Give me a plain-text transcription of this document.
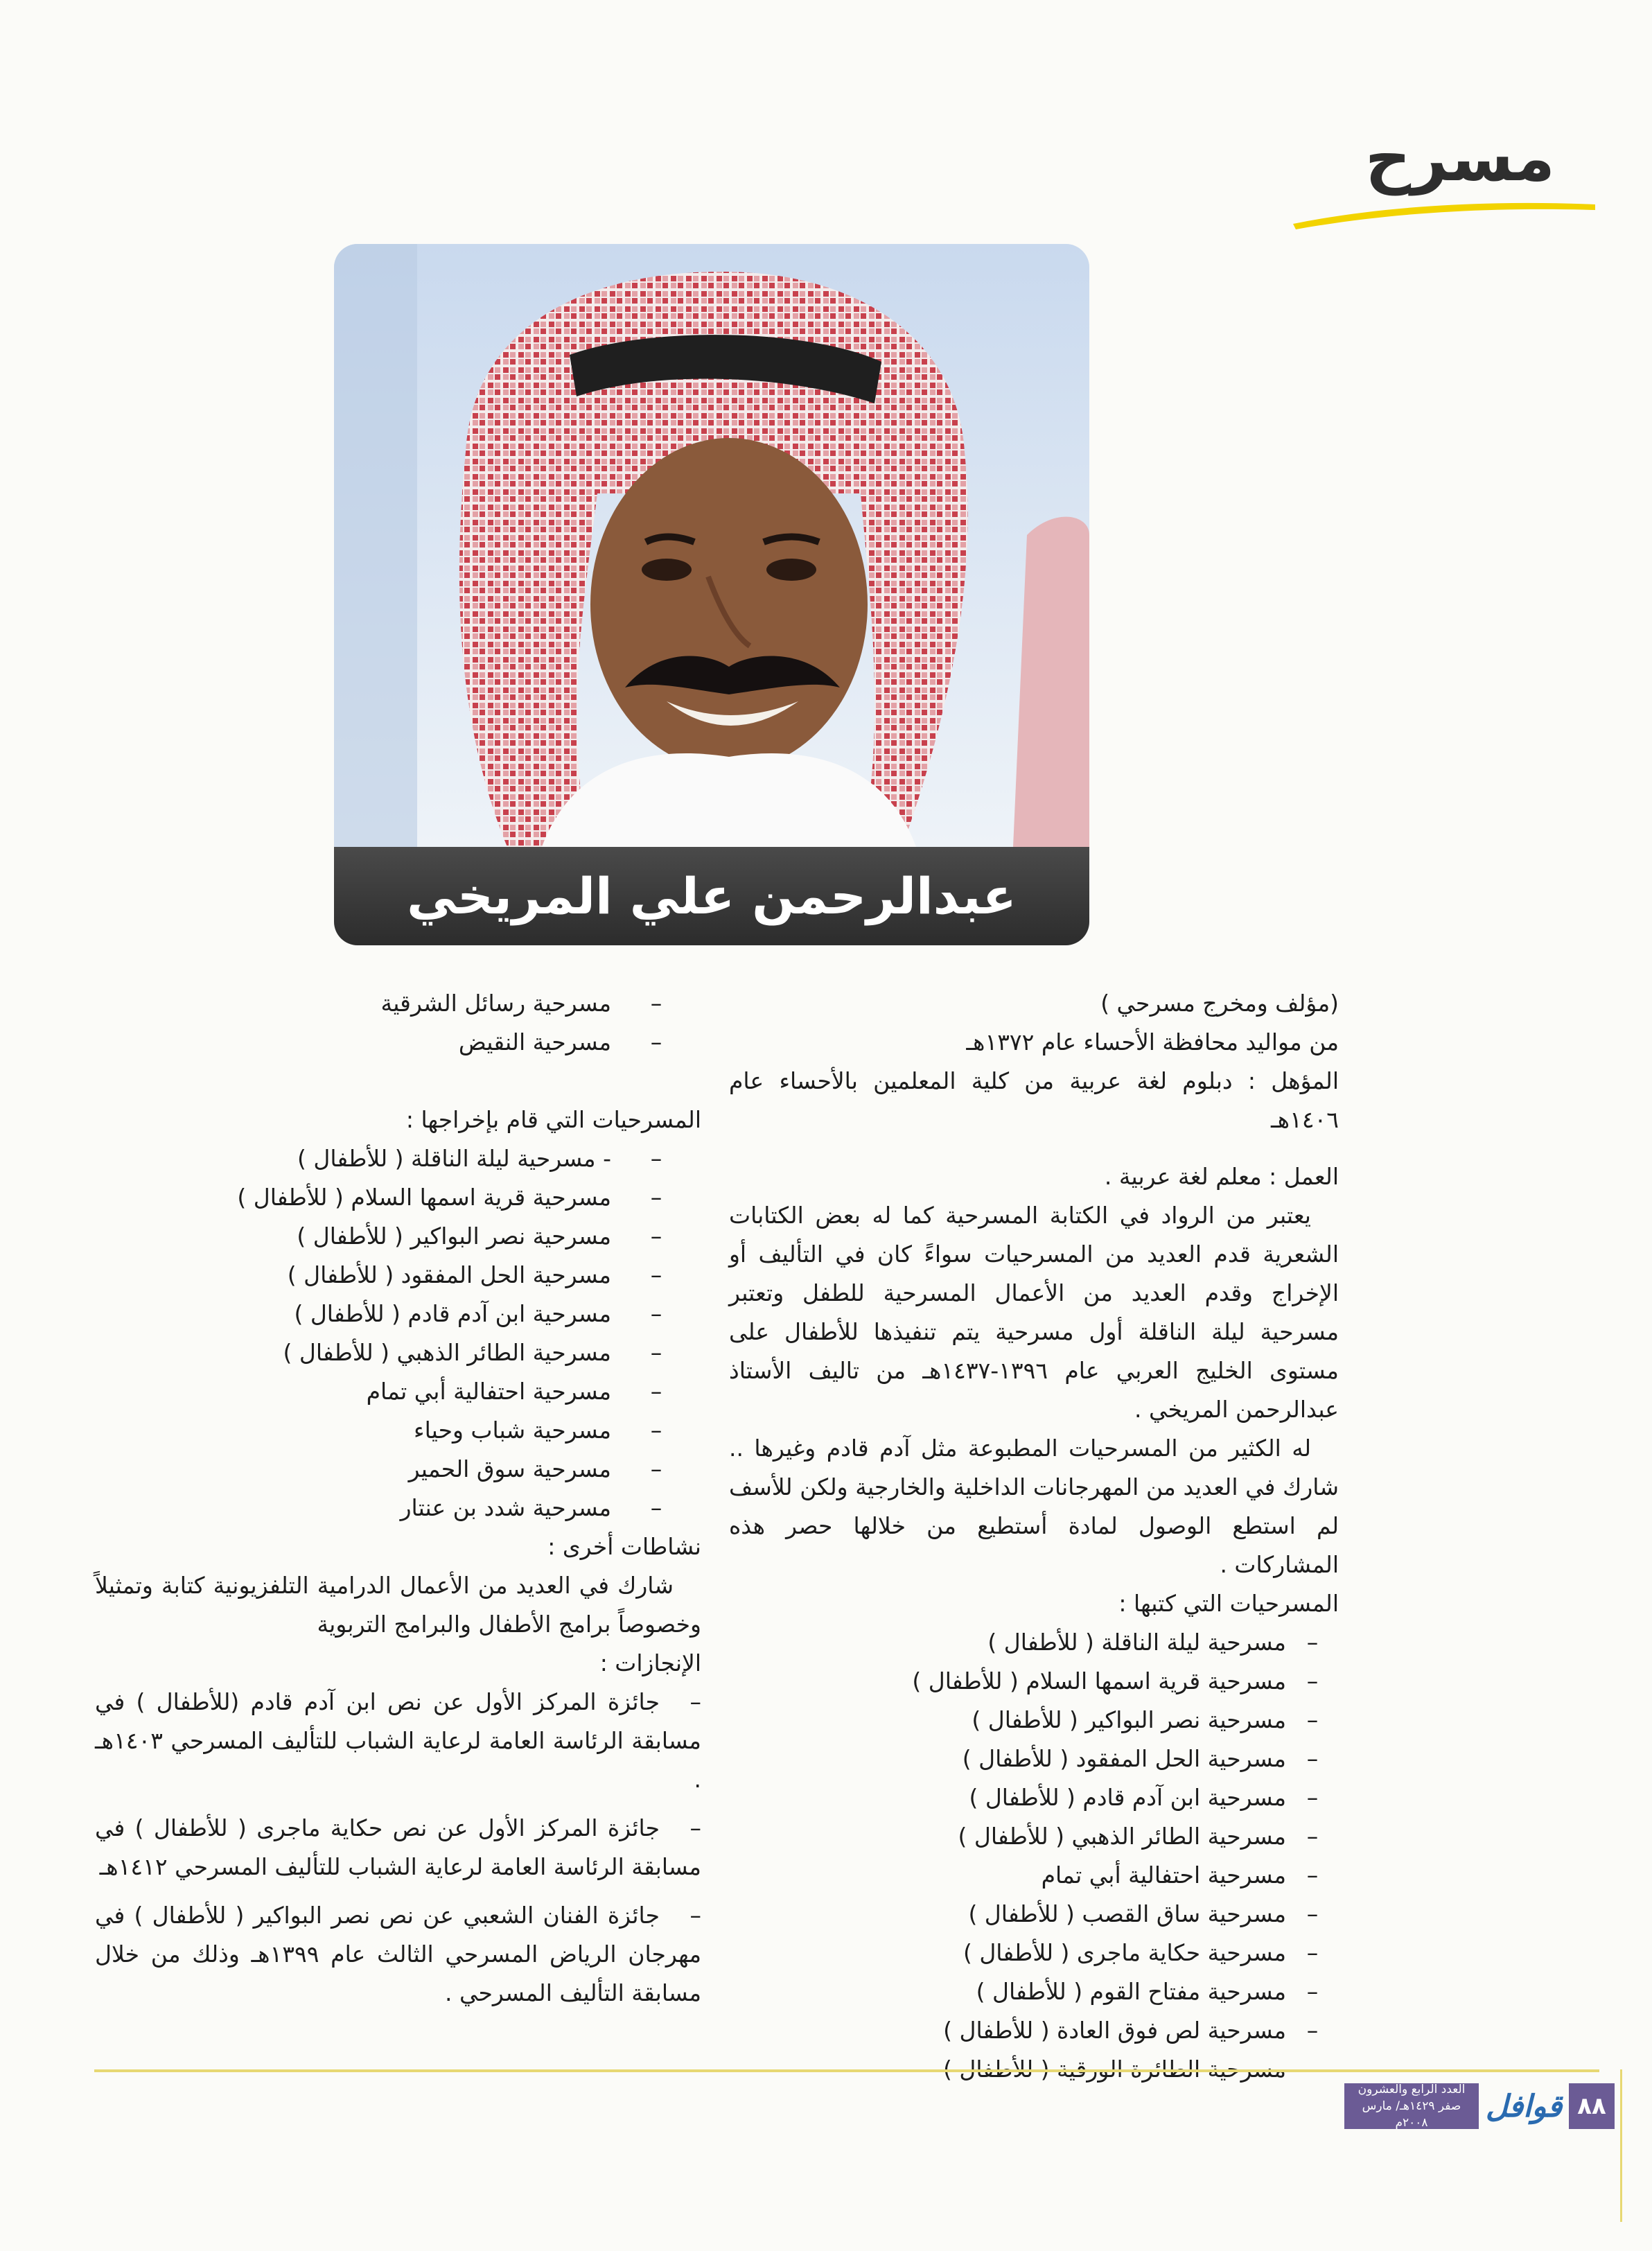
مسرح
عبدالرحمن علي المريخي

(مؤلف ومخرج مسرحي )

من مواليد محافظة الأحساء عام ١٣٧٢هـ

المؤهل : دبلوم لغة عربية من كلية المعلمين بالأحساء عام ١٤٠٦هـ

العمل : معلم لغة عربية .

يعتبر من الرواد في الكتابة المسرحية كما له بعض الكتابات الشعرية قدم العديد من المسرحيات سواءً كان في التأليف أو الإخراج وقدم العديد من الأعمال المسرحية للطفل وتعتبر مسرحية ليلة الناقلة أول مسرحية يتم تنفيذها للأطفال على مستوى الخليج العربي عام ١٣٩٦-١٤٣٧هـ من تاليف الأستاذ عبدالرحمن المريخي .

له الكثير من المسرحيات المطبوعة مثل آدم قادم وغيرها .. شارك في العديد من المهرجانات الداخلية والخارجية ولكن للأسف لم استطع الوصول لمادة أستطيع من خلالها حصر هذه المشاركات .

المسرحيات التي كتبها :

–
مسرحية ليلة الناقلة ( للأطفال )
–
مسرحية قرية اسمها السلام ( للأطفال )
–
مسرحية نصر البواكير ( للأطفال )
–
مسرحية الحل المفقود ( للأطفال )
–
مسرحية ابن آدم قادم ( للأطفال )
–
مسرحية الطائر الذهبي ( للأطفال )
–
مسرحية احتفالية أبي تمام
–
مسرحية ساق القصب ( للأطفال )
–
مسرحية حكاية ماجرى ( للأطفال )
–
مسرحية مفتاح القوم ( للأطفال )
–
مسرحية لص فوق العادة ( للأطفال )
–
مسرحية الطائرة الورقية ( للأطفال )
–
مسرحية رسائل الشرقية
–
مسرحية النقيض

المسرحيات التي قام بإخراجها :

–
- مسرحية ليلة الناقلة ( للأطفال )
–
مسرحية قرية اسمها السلام ( للأطفال )
–
مسرحية نصر البواكير ( للأطفال )
–
مسرحية الحل المفقود ( للأطفال )
–
مسرحية ابن آدم قادم ( للأطفال )
–
مسرحية الطائر الذهبي ( للأطفال )
–
مسرحية احتفالية أبي تمام
–
مسرحية شباب وحياء
–
مسرحية سوق الحمير
–
مسرحية شدد بن عنتار

نشاطات أخرى :

شارك في العديد من الأعمال الدرامية التلفزيونية كتابة وتمثيلاً وخصوصاً برامج الأطفال والبرامج التربوية

الإنجازات :

–جائزة المركز الأول عن نص ابن آدم قادم (للأطفال ) في مسابقة الرئاسة العامة لرعاية الشباب للتأليف المسرحي ١٤٠٣هـ .

–جائزة المركز الأول عن نص حكاية ماجرى ( للأطفال ) في مسابقة الرئاسة العامة لرعاية الشباب للتأليف المسرحي ١٤١٢هـ

–جائزة الفنان الشعبي عن نص نصر البواكير ( للأطفال ) في مهرجان الرياض المسرحي الثالث عام ١٣٩٩هـ وذلك من خلال مسابقة التأليف المسرحي .

٨٨
قوافل
العدد الرابع والعشرون
صفر ١٤٢٩هـ/ مارس ٢٠٠٨م
